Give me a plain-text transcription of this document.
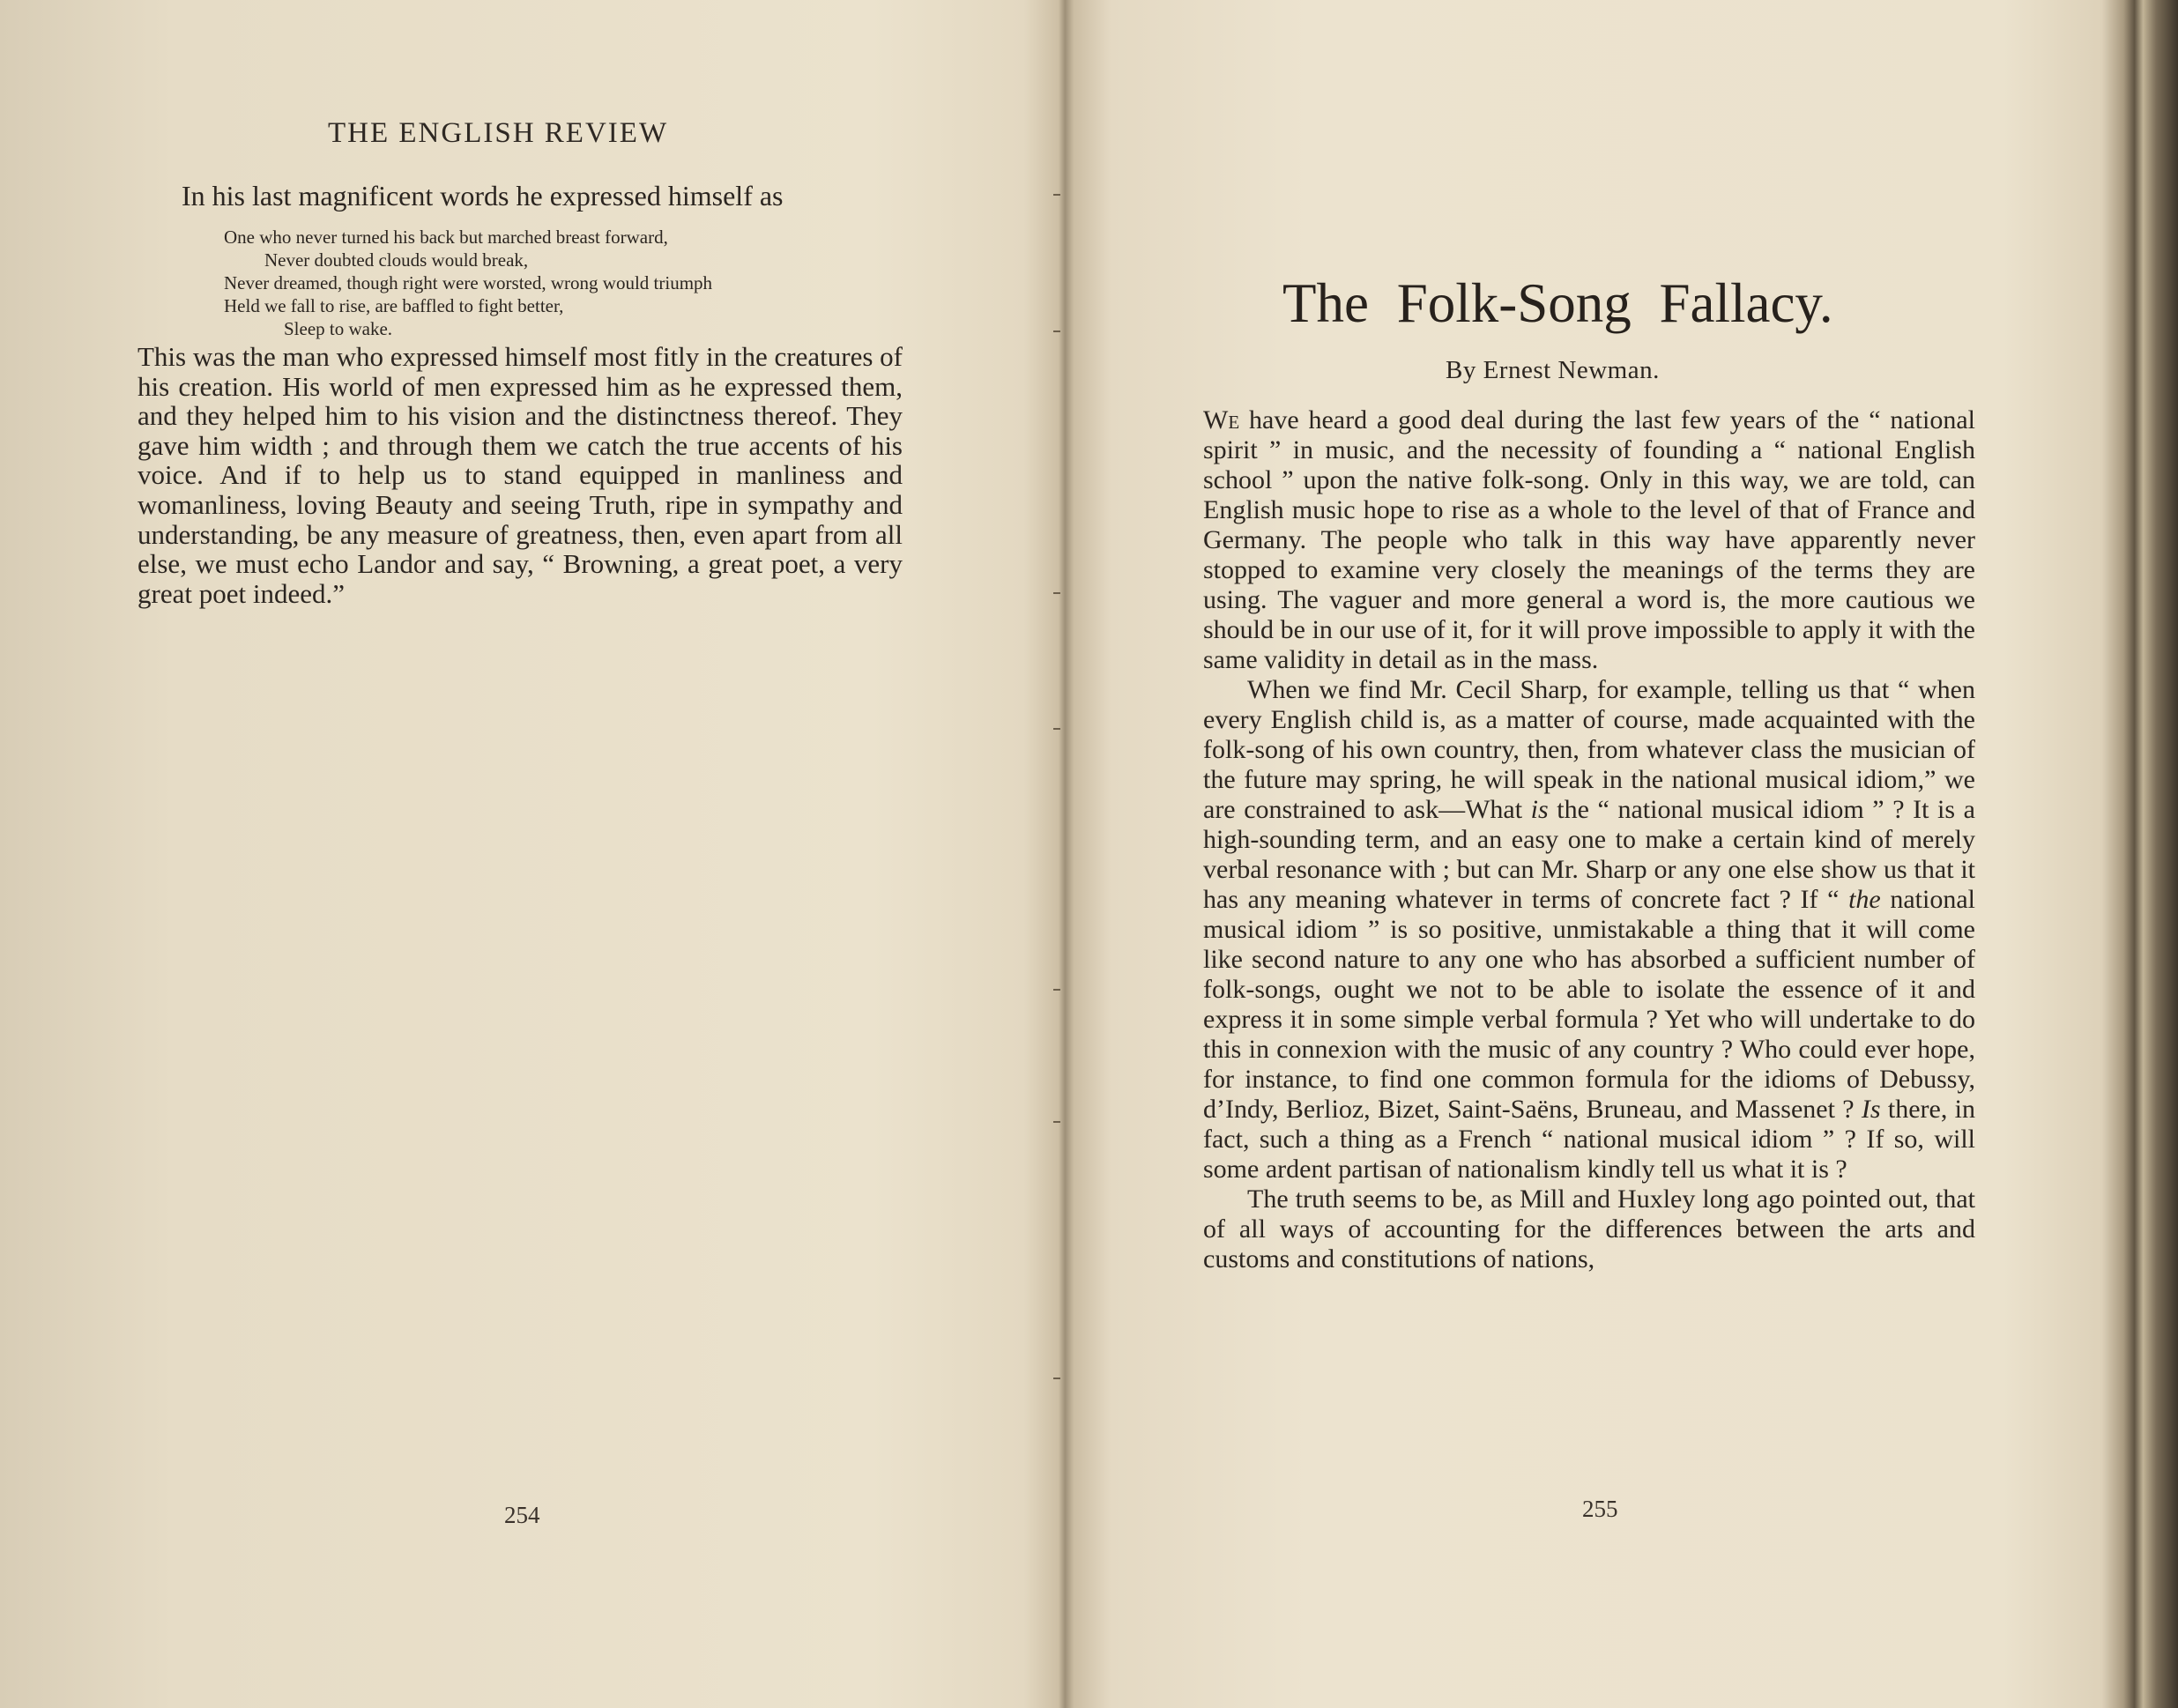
THE ENGLISH REVIEW
In his last magnificent words he expressed himself as
One who never turned his back but marched breast forward,
Never doubted clouds would break,
Never dreamed, though right were worsted, wrong would triumph
Held we fall to rise, are baffled to fight better,
Sleep to wake.

This was the man who expressed himself most fitly in the creatures of his creation. His world of men expressed him as he expressed them, and they helped him to his vision and the distinctness thereof. They gave him width ; and through them we catch the true accents of his voice. And if to help us to stand equipped in manliness and womanliness, loving Beauty and seeing Truth, ripe in sympathy and understanding, be any measure of greatness, then, even apart from all else, we must echo Landor and say, “ Browning, a great poet, a very great poet indeed.”

254
The Folk-Song Fallacy.
By Ernest Newman.

We have heard a good deal during the last few years of the “ national spirit ” in music, and the necessity of founding a “ national English school ” upon the native folk-song. Only in this way, we are told, can English music hope to rise as a whole to the level of that of France and Germany. The people who talk in this way have apparently never stopped to examine very closely the meanings of the terms they are using. The vaguer and more general a word is, the more cautious we should be in our use of it, for it will prove impossible to apply it with the same validity in detail as in the mass.

When we find Mr. Cecil Sharp, for example, telling us that “ when every English child is, as a matter of course, made acquainted with the folk-song of his own country, then, from whatever class the musician of the future may spring, he will speak in the national musical idiom,” we are constrained to ask—What is the “ national musical idiom ” ? It is a high-sounding term, and an easy one to make a certain kind of merely verbal resonance with ; but can Mr. Sharp or any one else show us that it has any meaning whatever in terms of concrete fact ? If “ the national musical idiom ” is so positive, unmistakable a thing that it will come like second nature to any one who has absorbed a sufficient number of folk-songs, ought we not to be able to isolate the essence of it and express it in some simple verbal formula ? Yet who will undertake to do this in connexion with the music of any country ? Who could ever hope, for instance, to find one common formula for the idioms of Debussy, d’Indy, Berlioz, Bizet, Saint-Saëns, Bruneau, and Massenet ? Is there, in fact, such a thing as a French “ national musical idiom ” ? If so, will some ardent partisan of nationalism kindly tell us what it is ?

The truth seems to be, as Mill and Huxley long ago pointed out, that of all ways of accounting for the differences between the arts and customs and constitutions of nations,

255
